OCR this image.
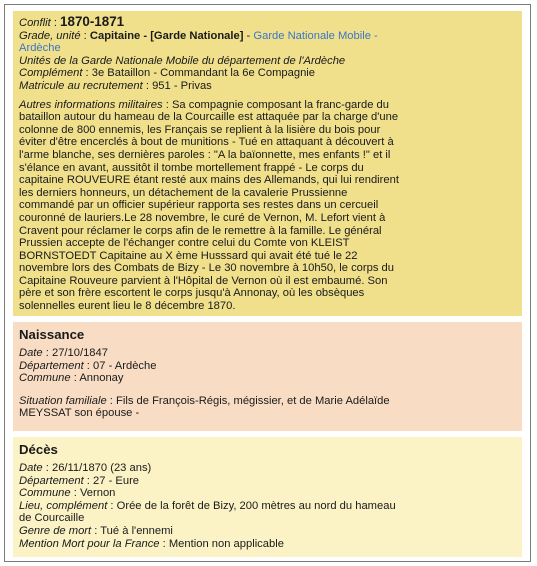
Conflit : 1870-1871
Grade, unité : Capitaine - [Garde Nationale] - Garde Nationale Mobile -
Ardèche
Unités de la Garde Nationale Mobile du département de l'Ardèche
Complément : 3e Bataillon - Commandant la 6e Compagnie
Matricule au recrutement : 951 - Privas
Autres informations militaires : Sa compagnie composant la franc-garde du
bataillon autour du hameau de la Courcaille est attaquée par la charge d'une
colonne de 800 ennemis, les Français se replient à la lisière du bois pour
éviter d'être encerclés à bout de munitions - Tué en attaquant à découvert à
l'arme blanche, ses dernières paroles : "A la baïonnette, mes enfants !" et il
s'élance en avant, aussitôt il tombe mortellement frappé - Le corps du
capitaine ROUVEURE étant resté aux mains des Allemands, qui lui rendirent
les derniers honneurs, un détachement de la cavalerie Prussienne
commandé par un officier supérieur rapporta ses restes dans un cercueil
couronné de lauriers.Le 28 novembre, le curé de Vernon, M. Lefort vient à
Cravent pour réclamer le corps afin de le remettre à la famille. Le général
Prussien accepte de l'échanger contre celui du Comte von KLEIST
BORNSTOEDT Capitaine au X ème Husssard qui avait été tué le 22
novembre lors des Combats de Bizy - Le 30 novembre à 10h50, le corps du
Capitaine Rouveure parvient à l'Hôpital de Vernon où il est embaumé. Son
père et son frère escortent le corps jusqu'à Annonay, où les obsèques
solennelles eurent lieu le 8 décembre 1870.
Naissance
Date : 27/10/1847
Département : 07 - Ardèche
Commune : Annonay
Situation familiale : Fils de François-Régis, mégissier, et de Marie Adélaïde
MEYSSAT son épouse -
Décès
Date : 26/11/1870 (23 ans)
Département : 27 - Eure
Commune : Vernon
Lieu, complément : Orée de la forêt de Bizy, 200 mètres au nord du hameau
de Courcaille
Genre de mort : Tué à l'ennemi
Mention Mort pour la France : Mention non applicable
